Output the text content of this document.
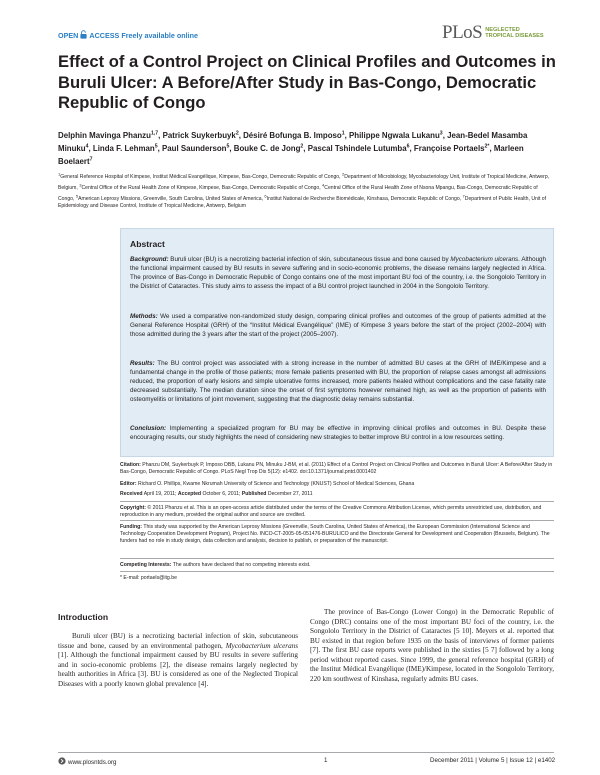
OPEN ACCESS Freely available online	PLoS NEGLECTED
TROPICAL DISEASES
Effect of a Control Project on Clinical Profiles and Outcomes in Buruli Ulcer: A Before/After Study in Bas-Congo, Democratic Republic of Congo
Delphin Mavinga Phanzu$^{1,7}$, Patrick Suykerbuyk$^2$, Désiré Bofunga B. Imposo$^1$, Philippe Ngwala Lukanu$^3$, Jean-Bedel Masamba Minuku$^4$, Linda F. Lehman$^5$, Paul Saunderson$^5$, Bouke C. de Jong$^2$, Pascal Tshindele Lutumba$^6$, Françoise Portaels$^{2*}$, Marleen Boelaert$^7$
$^1$General Reference Hospital of Kimpese, Institut Médical Evangélique, Kimpese, Bas-Congo, Democratic Republic of Congo, $^2$Department of Microbiology, Mycobacteriology Unit, Institute of Tropical Medicine, Antwerp, Belgium, $^3$Central Office of the Rural Health Zone of Kimpese, Kimpese, Bas-Congo, Democratic Republic of Congo, $^4$Central Office of the Rural Health Zone of Nsona Mpangu, Bas-Congo, Democratic Republic of Congo, $^5$American Leprosy Missions, Greenville, South Carolina, United States of America, $^6$Institut National de Recherche Biomédicale, Kinshasa, Democratic Republic of Congo, $^7$Department of Public Health, Unit of Epidemiology and Disease Control, Institute of Tropical Medicine, Antwerp, Belgium
Abstract

Background: Buruli ulcer (BU) is a necrotizing bacterial infection of skin, subcutaneous tissue and bone caused by Mycobacterium ulcerans. Although the functional impairment caused by BU results in severe suffering and in socio-economic problems, the disease remains largely neglected in Africa. The province of Bas-Congo in Democratic Republic of Congo contains one of the most important BU foci of the country, i.e. the Songololo Territory in the District of Cataractes. This study aims to assess the impact of a BU control project launched in 2004 in the Songololo Territory.

Methods: We used a comparative non-randomized study design, comparing clinical profiles and outcomes of the group of patients admitted at the General Reference Hospital (GRH) of the “Institut Médical Evangélique” (IME) of Kimpese 3 years before the start of the project (2002–2004) with those admitted during the 3 years after the start of the project (2005–2007).

Results: The BU control project was associated with a strong increase in the number of admitted BU cases at the GRH of IME/Kimpese and a fundamental change in the profile of those patients; more female patients presented with BU, the proportion of relapse cases amongst all admissions reduced, the proportion of early lesions and simple ulcerative forms increased, more patients healed without complications and the case fatality rate decreased substantially. The median duration since the onset of first symptoms however remained high, as well as the proportion of patients with osteomyelitis or limitations of joint movement, suggesting that the diagnostic delay remains substantial.

Conclusion: Implementing a specialized program for BU may be effective in improving clinical profiles and outcomes in BU. Despite these encouraging results, our study highlights the need of considering new strategies to better improve BU control in a low resources setting.

Citation: Phanzu DM, Suykerbuyk P, Imposo DBB, Lukanu PN, Minuku J-BM, et al. (2011) Effect of a Control Project on Clinical Profiles and Outcomes in Buruli Ulcer: A Before/After Study in Bas-Congo, Democratic Republic of Congo. PLoS Negl Trop Dis 5(12): e1402. doi:10.1371/journal.pntd.0001402

Editor: Richard O. Phillips, Kwame Nkrumah University of Science and Technology (KNUST) School of Medical Sciences, Ghana

Received April 19, 2011; Accepted October 6, 2011; Published December 27, 2011

Copyright: © 2011 Phanzu et al. This is an open-access article distributed under the terms of the Creative Commons Attribution License, which permits unrestricted use, distribution, and reproduction in any medium, provided the original author and source are credited.

Funding: This study was supported by the American Leprosy Missions (Greenville, South Carolina, United States of America), the European Commission (International Science and Technology Cooperation Development Program), Project No. INCO-CT-2005-05-051476-BURULICO and the Directorate General for Development and Cooperation (Brussels, Belgium). The funders had no role in study design, data collection and analysis, decision to publish, or preparation of the manuscript.

Competing Interests: The authors have declared that no competing interests exist.

* E-mail: portaels@itg.be

Introduction

Buruli ulcer (BU) is a necrotizing bacterial infection of skin, subcutaneous tissue and bone, caused by an environmental pathogen, Mycobacterium ulcerans [1]. Although the functional impairment caused by BU results in severe suffering and in socio-economic problems [2], the disease remains largely neglected by health authorities in Africa [3]. BU is considered as one of the Neglected Tropical Diseases with a poorly known global prevalence [4].

The province of Bas-Congo (Lower Congo) in the Democratic Republic of Congo (DRC) contains one of the most important BU foci of the country, i.e. the Songololo Territory in the District of Cataractes [5 10]. Meyers et al. reported that BU existed in that region before 1935 on the basis of interviews of former patients [7]. The first BU case reports were published in the sixties [5 7] followed by a long period without reported cases. Since 1999, the general reference hospital (GRH) of the Institut Médical Evangélique (IME)/Kimpese, located in the Songololo Territory, 220 km southwest of Kinshasa, regularly admits BU cases.

www.plosntds.org	1	December 2011 | Volume 5 | Issue 12 | e1402
